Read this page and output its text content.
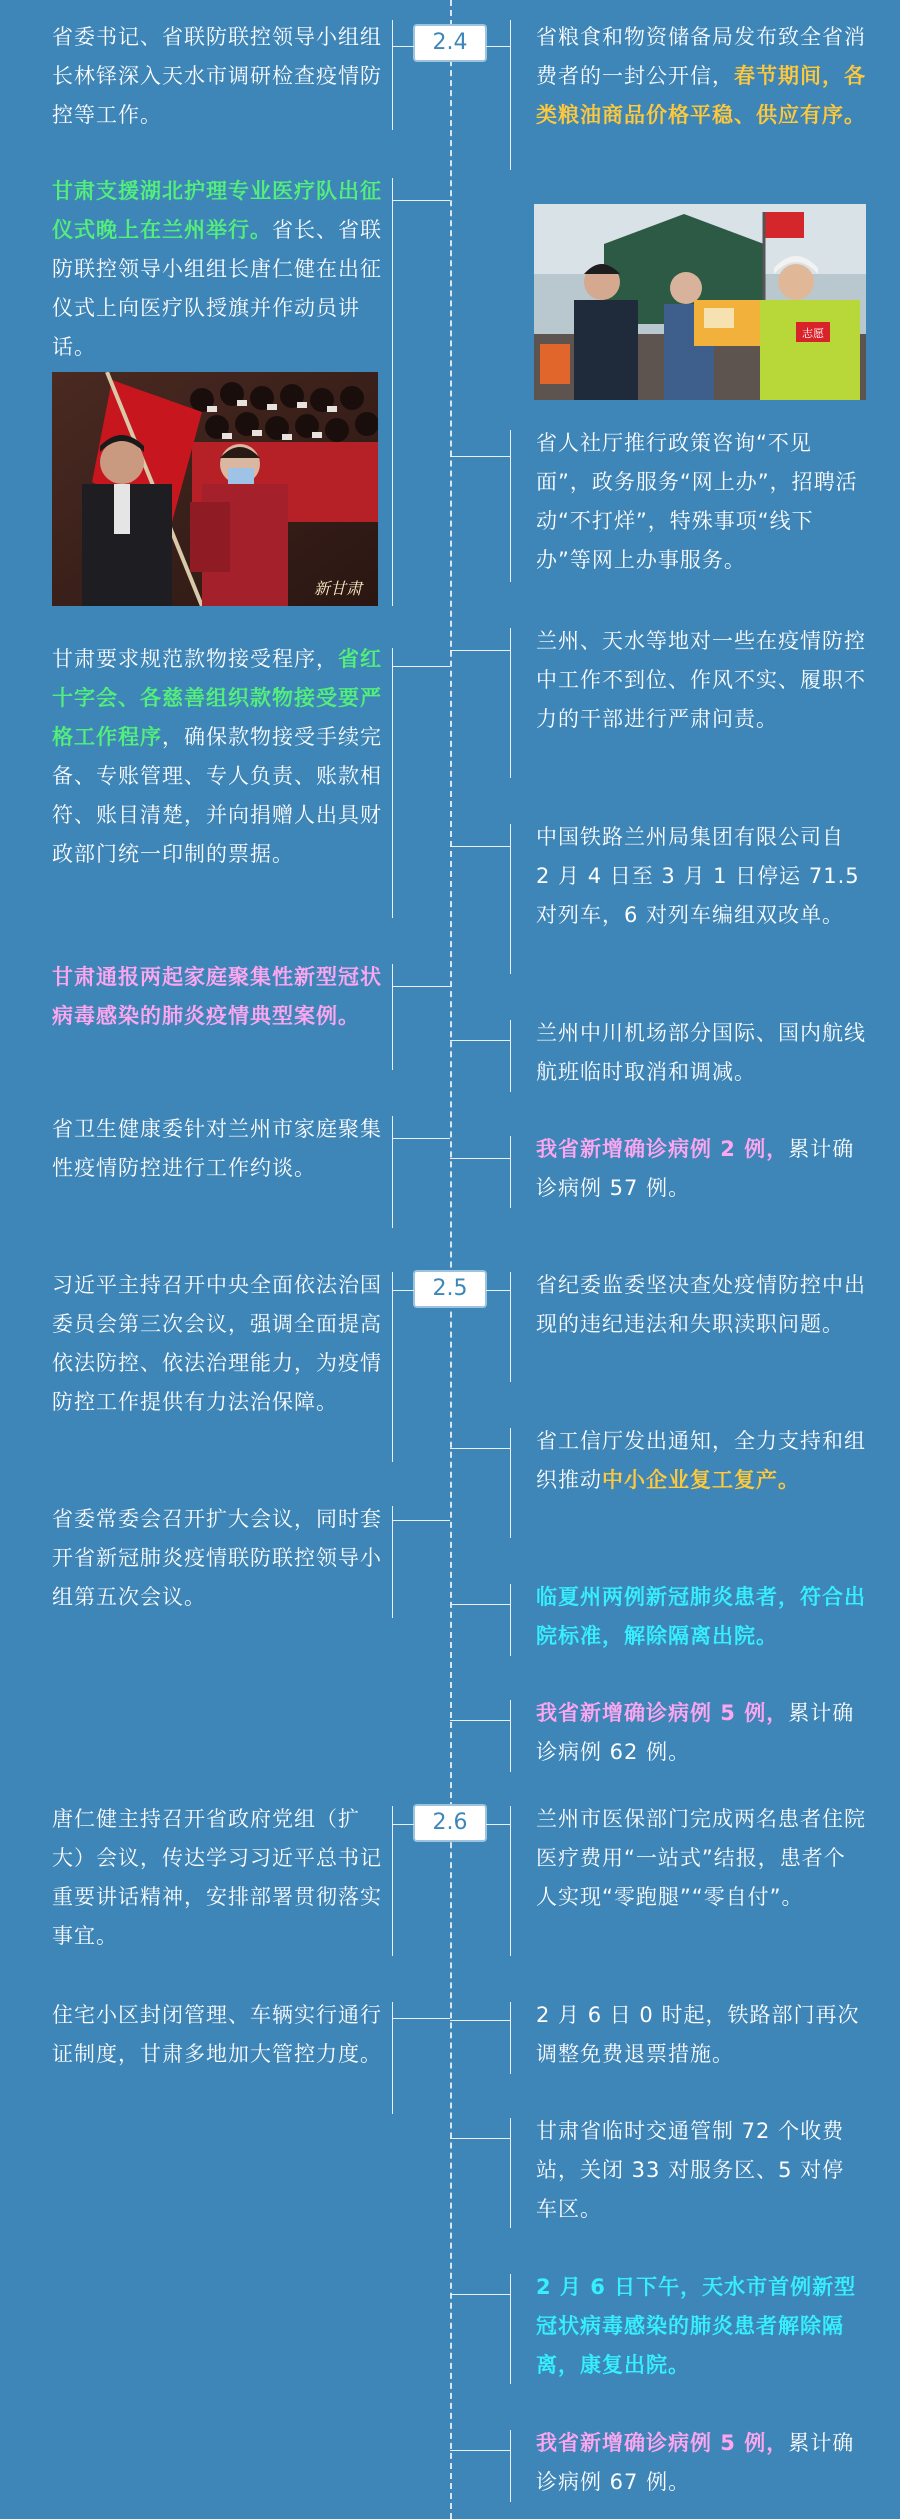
2.4
2.5
2.6
省委书记、省联防联控领导小组组长林铎深入天水市调研检查疫情防控等工作。
甘肃支援湖北护理专业医疗队出征仪式晚上在兰州举行。省长、省联防联控领导小组组长唐仁健在出征仪式上向医疗队授旗并作动员讲话。
新甘肃
甘肃要求规范款物接受程序，省红十字会、各慈善组织款物接受要严格工作程序，确保款物接受手续完备、专账管理、专人负责、账款相符、账目清楚，并向捐赠人出具财政部门统一印制的票据。
甘肃通报两起家庭聚集性新型冠状病毒感染的肺炎疫情典型案例。
省卫生健康委针对兰州市家庭聚集性疫情防控进行工作约谈。
习近平主持召开中央全面依法治国委员会第三次会议，强调全面提高依法防控、依法治理能力，为疫情防控工作提供有力法治保障。
省委常委会召开扩大会议，同时套开省新冠肺炎疫情联防联控领导小组第五次会议。
唐仁健主持召开省政府党组（扩大）会议，传达学习习近平总书记重要讲话精神，安排部署贯彻落实事宜。
住宅小区封闭管理、车辆实行通行证制度，甘肃多地加大管控力度。
省粮食和物资储备局发布致全省消费者的一封公开信，春节期间，各类粮油商品价格平稳、供应有序。
志愿
省人社厅推行政策咨询“不见面”，政务服务“网上办”，招聘活动“不打烊”，特殊事项“线下办”等网上办事服务。
兰州、天水等地对一些在疫情防控中工作不到位、作风不实、履职不力的干部进行严肃问责。
中国铁路兰州局集团有限公司自 2 月 4 日至 3 月 1 日停运 71.5 对列车，6 对列车编组双改单。
兰州中川机场部分国际、国内航线航班临时取消和调减。
我省新增确诊病例 2 例，累计确诊病例 57 例。
省纪委监委坚决查处疫情防控中出现的违纪违法和失职渎职问题。
省工信厅发出通知，全力支持和组织推动中小企业复工复产。
临夏州两例新冠肺炎患者，符合出院标准，解除隔离出院。
我省新增确诊病例 5 例，累计确诊病例 62 例。
兰州市医保部门完成两名患者住院医疗费用“一站式”结报，患者个人实现“零跑腿”“零自付”。
2 月 6 日 0 时起，铁路部门再次调整免费退票措施。
甘肃省临时交通管制 72 个收费站，关闭 33 对服务区、5 对停车区。
2 月 6 日下午，天水市首例新型冠状病毒感染的肺炎患者解除隔离，康复出院。
我省新增确诊病例 5 例，累计确诊病例 67 例。
